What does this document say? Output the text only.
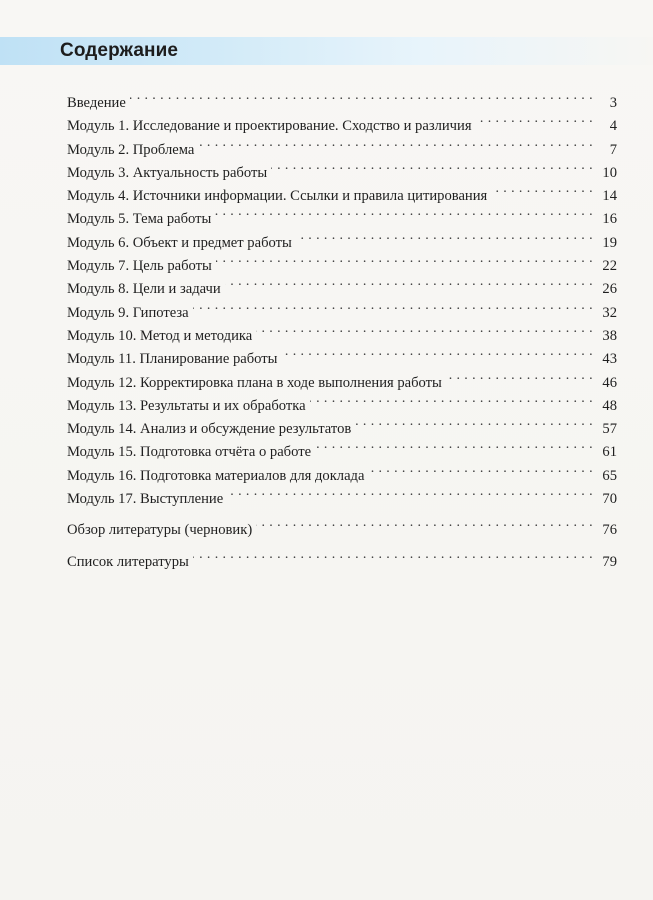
Содержание
Введение . . .	3
Модуль 1. Исследование и проектирование. Сходство и различия . . .	4
Модуль 2. Проблема . . .	7
Модуль 3. Актуальность работы . . .	10
Модуль 4. Источники информации. Ссылки и правила цитирования . . .	14
Модуль 5. Тема работы . . .	16
Модуль 6. Объект и предмет работы . . .	19
Модуль 7. Цель работы . . .	22
Модуль 8. Цели и задачи . . .	26
Модуль 9. Гипотеза . . .	32
Модуль 10. Метод и методика . . .	38
Модуль 11. Планирование работы . . .	43
Модуль 12. Корректировка плана в ходе выполнения работы . . .	46
Модуль 13. Результаты и их обработка . . .	48
Модуль 14. Анализ и обсуждение результатов . . .	57
Модуль 15. Подготовка отчёта о работе . . .	61
Модуль 16. Подготовка материалов для доклада . . .	65
Модуль 17. Выступление . . .	70
Обзор литературы (черновик) . . .	76
Список литературы . . .	79
